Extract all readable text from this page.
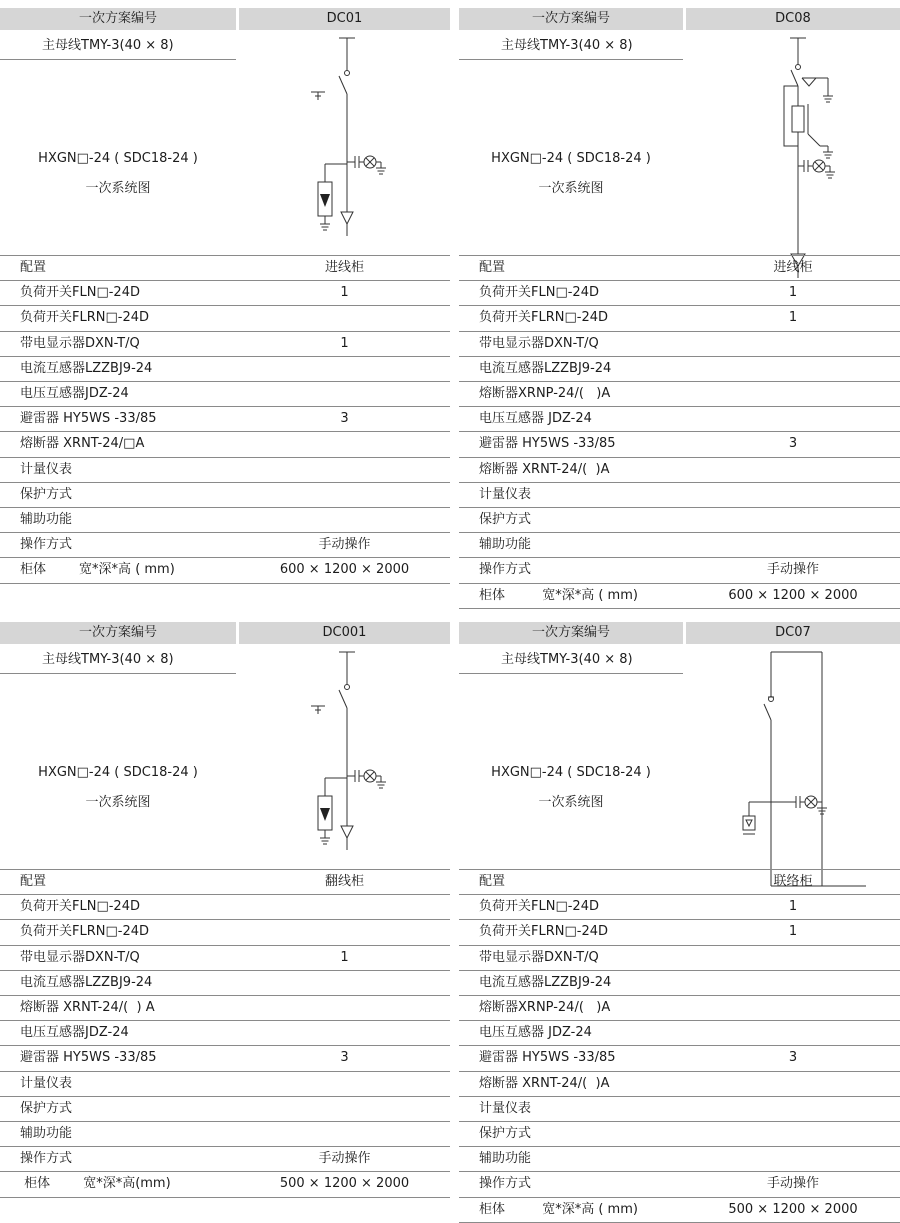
一次方案编号	DC01
主母线TMY-3(40 × 8)
HXGN□-24 ( SDC18-24 )
一次系统图
配置	进线柜
负荷开关FLN□-24D	1
负荷开关FLRN□-24D
带电显示器DXN-T/Q	1
电流互感器LZZBJ9-24
电压互感器JDZ-24
避雷器 HY5WS -33/85	3
熔断器 XRNT-24/□A
计量仪表
保护方式
辅助功能
操作方式	手动操作
柜体        宽*深*高 ( mm)	600 × 1200 × 2000
一次方案编号	DC08
主母线TMY-3(40 × 8)
HXGN□-24 ( SDC18-24 )
一次系统图
配置	进线柜
负荷开关FLN□-24D	1
负荷开关FLRN□-24D	1
带电显示器DXN-T/Q
电流互感器LZZBJ9-24
熔断器XRNP-24/(   )A
电压互感器 JDZ-24
避雷器 HY5WS -33/85	3
熔断器 XRNT-24/(  )A
计量仪表
保护方式
辅助功能
操作方式	手动操作
柜体         宽*深*高 ( mm)	600 × 1200 × 2000
一次方案编号	DC001
主母线TMY-3(40 × 8)
HXGN□-24 ( SDC18-24 )
一次系统图
配置	翻线柜
负荷开关FLN□-24D
负荷开关FLRN□-24D
带电显示器DXN-T/Q	1
电流互感器LZZBJ9-24
熔断器 XRNT-24/(  ) A
电压互感器JDZ-24
避雷器 HY5WS -33/85	3
计量仪表
保护方式
辅助功能
操作方式	手动操作
柜体        宽*深*高(mm)	500 × 1200 × 2000
一次方案编号	DC07
主母线TMY-3(40 × 8)
HXGN□-24 ( SDC18-24 )
一次系统图
配置	联络柜
负荷开关FLN□-24D	1
负荷开关FLRN□-24D	1
带电显示器DXN-T/Q
电流互感器LZZBJ9-24
熔断器XRNP-24/(   )A
电压互感器 JDZ-24
避雷器 HY5WS -33/85	3
熔断器 XRNT-24/(  )A
计量仪表
保护方式
辅助功能
操作方式	手动操作
柜体         宽*深*高 ( mm)	500 × 1200 × 2000
